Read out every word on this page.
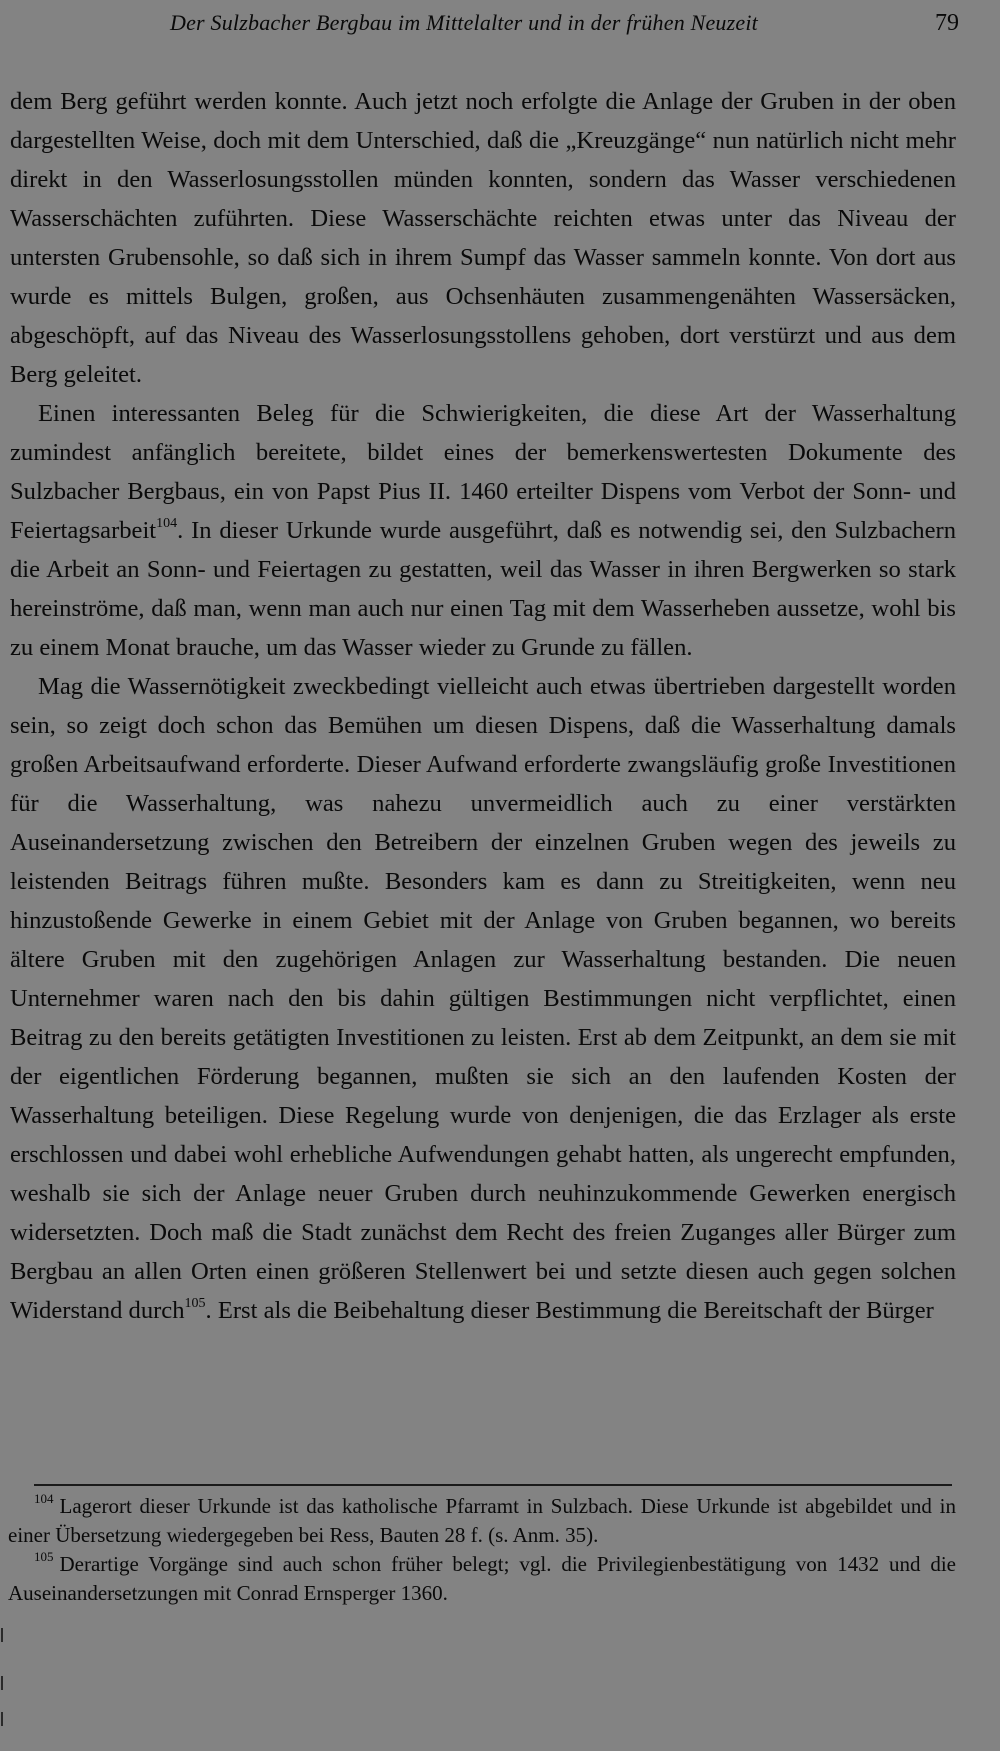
Der Sulzbacher Bergbau im Mittelalter und in der frühen Neuzeit	79

dem Berg geführt werden konnte. Auch jetzt noch erfolgte die Anlage der Gruben in der oben dargestellten Weise, doch mit dem Unterschied, daß die „Kreuzgänge“ nun natürlich nicht mehr direkt in den Wasserlosungsstollen münden konnten, sondern das Wasser verschiedenen Wasserschächten zuführten. Diese Wasserschächte reichten etwas unter das Niveau der untersten Grubensohle, so daß sich in ihrem Sumpf das Wasser sammeln konnte. Von dort aus wurde es mittels Bulgen, großen, aus Ochsenhäuten zusammengenähten Wassersäcken, abgeschöpft, auf das Niveau des Wasserlosungsstollens gehoben, dort verstürzt und aus dem Berg geleitet.

Einen interessanten Beleg für die Schwierigkeiten, die diese Art der Wasserhaltung zumindest anfänglich bereitete, bildet eines der bemerkenswertesten Dokumente des Sulzbacher Bergbaus, ein von Papst Pius II. 1460 erteilter Dispens vom Verbot der Sonn- und Feiertagsarbeit$^{104}$. In dieser Urkunde wurde ausgeführt, daß es notwendig sei, den Sulzbachern die Arbeit an Sonn- und Feiertagen zu gestatten, weil das Wasser in ihren Bergwerken so stark hereinströme, daß man, wenn man auch nur einen Tag mit dem Wasserheben aussetze, wohl bis zu einem Monat brauche, um das Wasser wieder zu Grunde zu fällen.

Mag die Wassernötigkeit zweckbedingt vielleicht auch etwas übertrieben dargestellt worden sein, so zeigt doch schon das Bemühen um diesen Dispens, daß die Wasserhaltung damals großen Arbeitsaufwand erforderte. Dieser Aufwand erforderte zwangsläufig große Investitionen für die Wasserhaltung, was nahezu unvermeidlich auch zu einer verstärkten Auseinandersetzung zwischen den Betreibern der einzelnen Gruben wegen des jeweils zu leistenden Beitrags führen mußte. Besonders kam es dann zu Streitigkeiten, wenn neu hinzustoßende Gewerke in einem Gebiet mit der Anlage von Gruben begannen, wo bereits ältere Gruben mit den zugehörigen Anlagen zur Wasserhaltung bestanden. Die neuen Unternehmer waren nach den bis dahin gültigen Bestimmungen nicht verpflichtet, einen Beitrag zu den bereits getätigten Investitionen zu leisten. Erst ab dem Zeitpunkt, an dem sie mit der eigentlichen Förderung begannen, mußten sie sich an den laufenden Kosten der Wasserhaltung beteiligen. Diese Regelung wurde von denjenigen, die das Erzlager als erste erschlossen und dabei wohl erhebliche Aufwendungen gehabt hatten, als ungerecht empfunden, weshalb sie sich der Anlage neuer Gruben durch neuhinzukommende Gewerken energisch widersetzten. Doch maß die Stadt zunächst dem Recht des freien Zuganges aller Bürger zum Bergbau an allen Orten einen größeren Stellenwert bei und setzte diesen auch gegen solchen Widerstand durch$^{105}$. Erst als die Beibehaltung dieser Bestimmung die Bereitschaft der Bürger

$^{104}$ Lagerort dieser Urkunde ist das katholische Pfarramt in Sulzbach. Diese Urkunde ist abgebildet und in einer Übersetzung wiedergegeben bei Ress, Bauten 28 f. (s. Anm. 35).

$^{105}$ Derartige Vorgänge sind auch schon früher belegt; vgl. die Privilegienbestätigung von 1432 und die Auseinandersetzungen mit Conrad Ernsperger 1360.
